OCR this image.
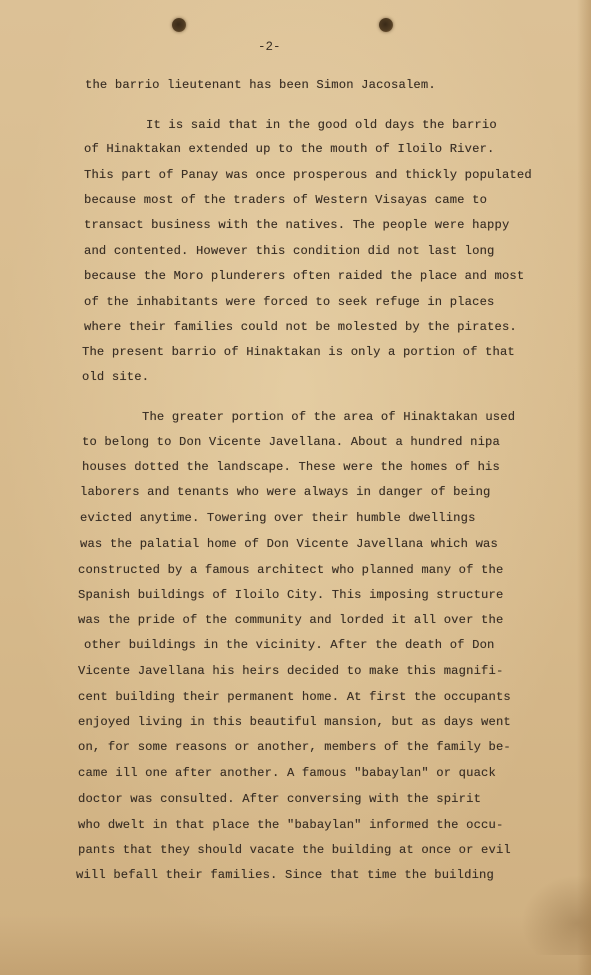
-2-

the barrio lieutenant has been Simon Jacosalem.

It is said that in the good old days the barrio

of Hinaktakan extended up to the mouth of Iloilo River.

This part of Panay was once prosperous and thickly populated

because most of the traders of Western Visayas came to

transact business with the natives. The people were happy

and contented. However this condition did not last long

because the Moro plunderers often raided the place and most

of the inhabitants were forced to seek refuge in places

where their families could not be molested by the pirates.

The present barrio of Hinaktakan is only a portion of that

old site.

The greater portion of the area of Hinaktakan used

to belong to Don Vicente Javellana. About a hundred nipa

houses dotted the landscape. These were the homes of his

laborers and tenants who were always in danger of being

evicted anytime. Towering over their humble dwellings

was the palatial home of Don Vicente Javellana which was

constructed by a famous architect who planned many of the

Spanish buildings of Iloilo City. This imposing structure

was the pride of the community and lorded it all over the

other buildings in the vicinity. After the death of Don

Vicente Javellana his heirs decided to make this magnifi-

cent building their permanent home. At first the occupants

enjoyed living in this beautiful mansion, but as days went

on, for some reasons or another, members of the family be-

came ill one after another. A famous "babaylan" or quack

doctor was consulted. After conversing with the spirit

who dwelt in that place the "babaylan" informed the occu-

pants that they should vacate the building at once or evil

will befall their families. Since that time the building
